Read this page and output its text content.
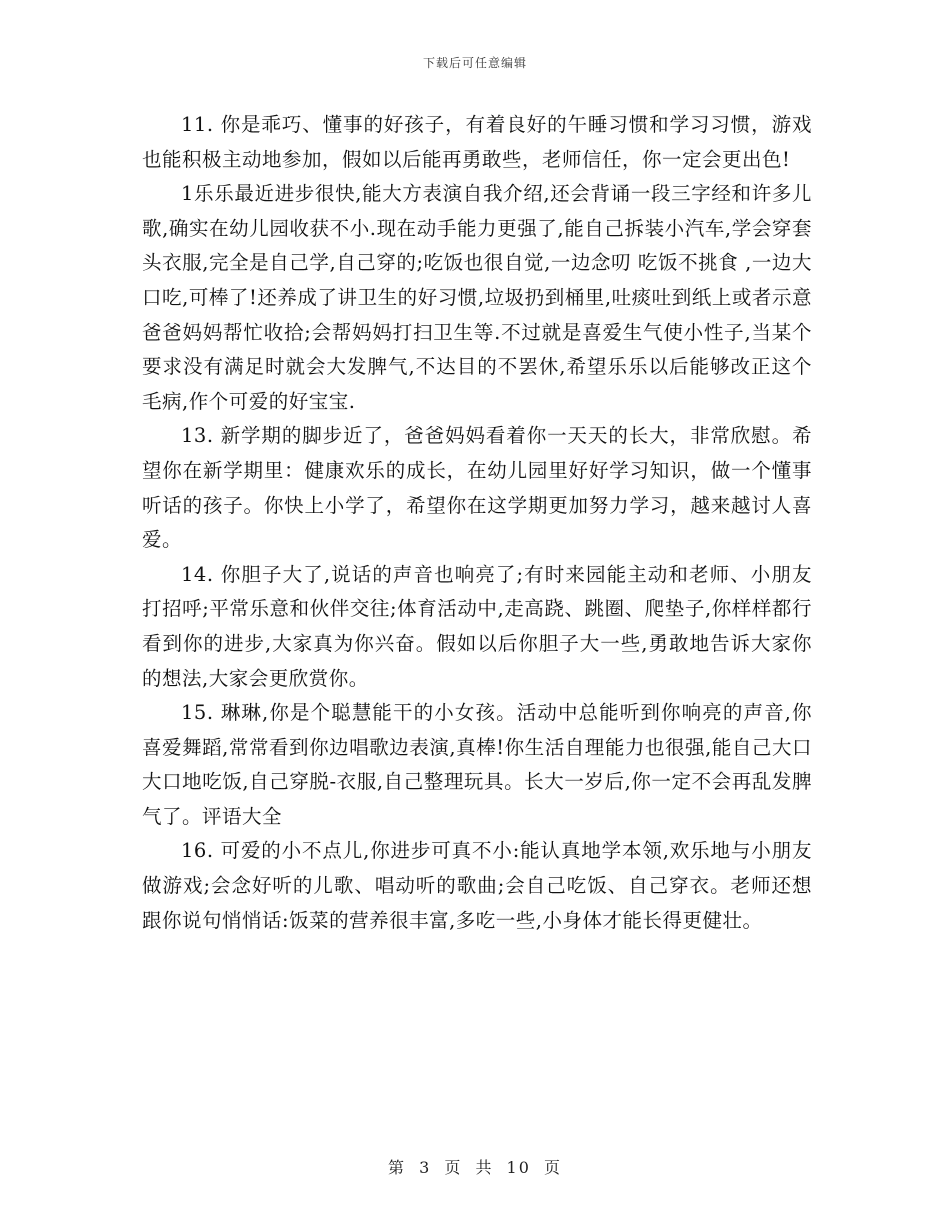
下载后可任意编辑

11. 你是乖巧、懂事的好孩子，有着良好的午睡习惯和学习习惯，游戏也能积极主动地参加，假如以后能再勇敢些，老师信任，你一定会更出色!

1乐乐最近进步很快,能大方表演自我介绍,还会背诵一段三字经和许多儿歌,确实在幼儿园收获不小.现在动手能力更强了,能自己拆装小汽车,学会穿套头衣服,完全是自己学,自己穿的;吃饭也很自觉,一边念叨 吃饭不挑食 ,一边大口吃,可棒了!还养成了讲卫生的好习惯,垃圾扔到桶里,吐痰吐到纸上或者示意爸爸妈妈帮忙收拾;会帮妈妈打扫卫生等.不过就是喜爱生气使小性子,当某个要求没有满足时就会大发脾气,不达目的不罢休,希望乐乐以后能够改正这个毛病,作个可爱的好宝宝.

13. 新学期的脚步近了，爸爸妈妈看着你一天天的长大，非常欣慰。希望你在新学期里：健康欢乐的成长，在幼儿园里好好学习知识，做一个懂事听话的孩子。你快上小学了，希望你在这学期更加努力学习，越来越讨人喜爱。

14. 你胆子大了,说话的声音也响亮了;有时来园能主动和老师、小朋友打招呼;平常乐意和伙伴交往;体育活动中,走高跷、跳圈、爬垫子,你样样都行 看到你的进步,大家真为你兴奋。假如以后你胆子大一些,勇敢地告诉大家你的想法,大家会更欣赏你。

15. 琳琳,你是个聪慧能干的小女孩。活动中总能听到你响亮的声音,你喜爱舞蹈,常常看到你边唱歌边表演,真棒!你生活自理能力也很强,能自己大口大口地吃饭,自己穿脱-衣服,自己整理玩具。长大一岁后,你一定不会再乱发脾气了。评语大全

16. 可爱的小不点儿,你进步可真不小:能认真地学本领,欢乐地与小朋友做游戏;会念好听的儿歌、唱动听的歌曲;会自己吃饭、自己穿衣。老师还想跟你说句悄悄话:饭菜的营养很丰富,多吃一些,小身体才能长得更健壮。

第 3 页 共 10 页
